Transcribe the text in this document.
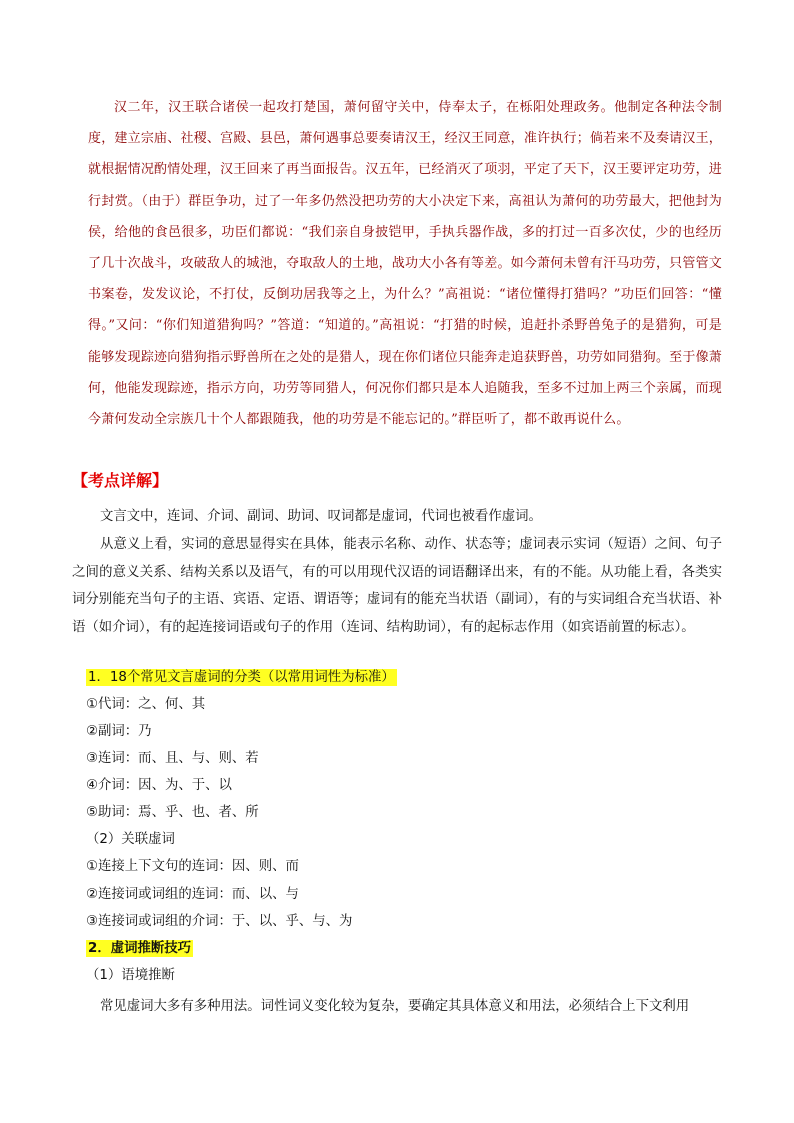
汉二年，汉王联合诸侯一起攻打楚国，萧何留守关中，侍奉太子，在栎阳处理政务。他制定各种法令制度，建立宗庙、社稷、宫殿、县邑，萧何遇事总要奏请汉王，经汉王同意，准许执行；倘若来不及奏请汉王，就根据情况酌情处理，汉王回来了再当面报告。汉五年，已经消灭了项羽，平定了天下，汉王要评定功劳，进行封赏。（由于）群臣争功，过了一年多仍然没把功劳的大小决定下来，高祖认为萧何的功劳最大，把他封为侯，给他的食邑很多，功臣们都说：“我们亲自身披铠甲，手执兵器作战，多的打过一百多次仗，少的也经历了几十次战斗，攻破敌人的城池，夺取敌人的土地，战功大小各有等差。如今萧何未曾有汗马功劳，只管管文书案卷，发发议论，不打仗，反倒功居我等之上，为什么？”高祖说：“诸位懂得打猎吗？”功臣们回答：“懂得。”又问：“你们知道猎狗吗？”答道：“知道的。”高祖说：“打猎的时候，追赶扑杀野兽兔子的是猎狗，可是能够发现踪迹向猎狗指示野兽所在之处的是猎人，现在你们诸位只能奔走追获野兽，功劳如同猎狗。至于像萧何，他能发现踪迹，指示方向，功劳等同猎人，何况你们都只是本人追随我，至多不过加上两三个亲属，而现今萧何发动全宗族几十个人都跟随我，他的功劳是不能忘记的。”群臣听了，都不敢再说什么。

【考点详解】

文言文中，连词、介词、副词、助词、叹词都是虚词，代词也被看作虚词。

从意义上看，实词的意思显得实在具体，能表示名称、动作、状态等；虚词表示实词（短语）之间、句子之间的意义关系、结构关系以及语气，有的可以用现代汉语的词语翻译出来，有的不能。从功能上看，各类实词分别能充当句子的主语、宾语、定语、谓语等；虚词有的能充当状语（副词），有的与实词组合充当状语、补语（如介词），有的起连接词语或句子的作用（连词、结构助词），有的起标志作用（如宾语前置的标志）。

1．18个常见文言虚词的分类（以常用词性为标准）

①代词：之、何、其

②副词：乃

③连词：而、且、与、则、若

④介词：因、为、于、以

⑤助词：焉、乎、也、者、所

（2）关联虚词

①连接上下文句的连词：因、则、而

②连接词或词组的连词：而、以、与

③连接词或词组的介词：于、以、乎、与、为

2．虚词推断技巧

（1）语境推断

常见虚词大多有多种用法。词性词义变化较为复杂，要确定其具体意义和用法，必须结合上下文利用
